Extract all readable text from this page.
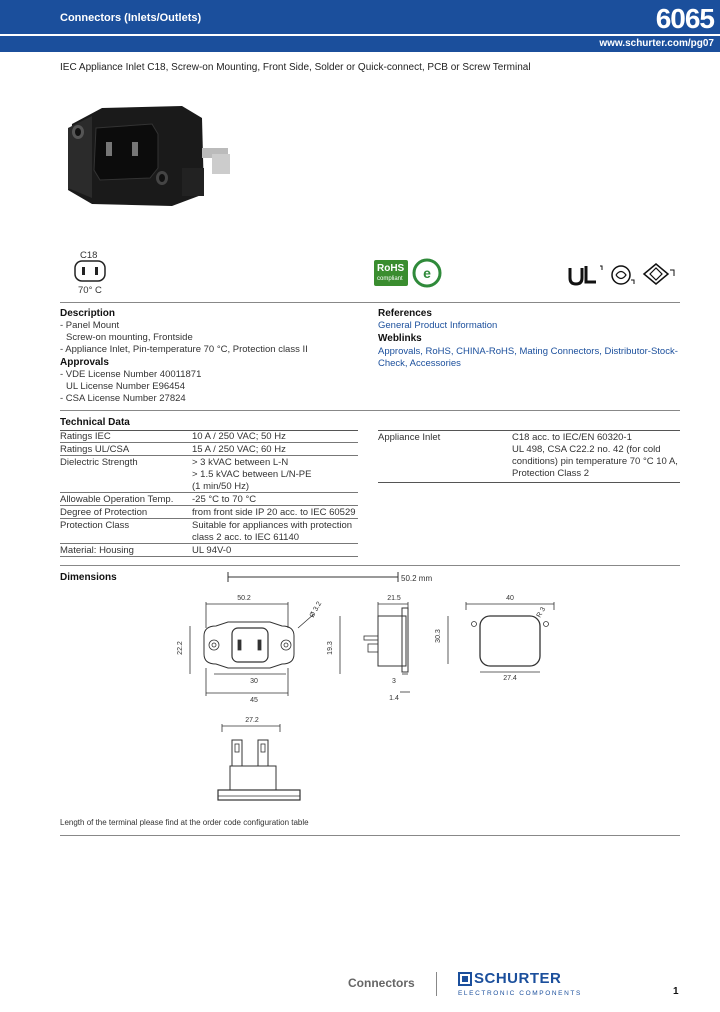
Connectors (Inlets/Outlets)	6065
www.schurter.com/pg07
IEC Appliance Inlet C18, Screw-on Mounting, Front Side, Solder or Quick-connect, PCB or Screw Terminal
C18
70° C
RoHS
compliant e
Description
- Panel Mount
Screw-on mounting, Frontside
- Appliance Inlet, Pin-temperature 70 °C, Protection class II
Approvals
- VDE License Number 40011871
UL License Number E96454
- CSA License Number 27824
References
General Product Information
Weblinks
Approvals, RoHS, CHINA-RoHS, Mating Connectors, Distributor-Stock-
Check, Accessories
Technical Data
Ratings IEC	10 A / 250 VAC; 50 Hz
Ratings UL/CSA	15 A / 250 VAC; 60 Hz
Dielectric Strength	> 3 kVAC between L-N
> 1.5 kVAC between L/N-PE
(1 min/50 Hz)
Allowable Operation Temp. -25 °C to 70 °C
Degree of Protection	from front side IP 20 acc. to IEC 60529
Protection Class	Suitable for appliances with protection
class 2 acc. to IEC 61140
Material: Housing	UL 94V-0
Appliance Inlet	C18 acc. to IEC/EN 60320-1
UL 498, CSA C22.2 no. 42 (for cold
conditions) pin temperature 70 °C 10 A,
Protection Class 2
Dimensions	50.2 mm
50.2
22.2
Ø 3.2
30
45
21.5
19.3
3
1.4
40
30.3
R 3
27.4
27.2
Length of the terminal please find at the order code configuration table
Connectors	SCHURTER
ELECTRONIC COMPONENTS	1
